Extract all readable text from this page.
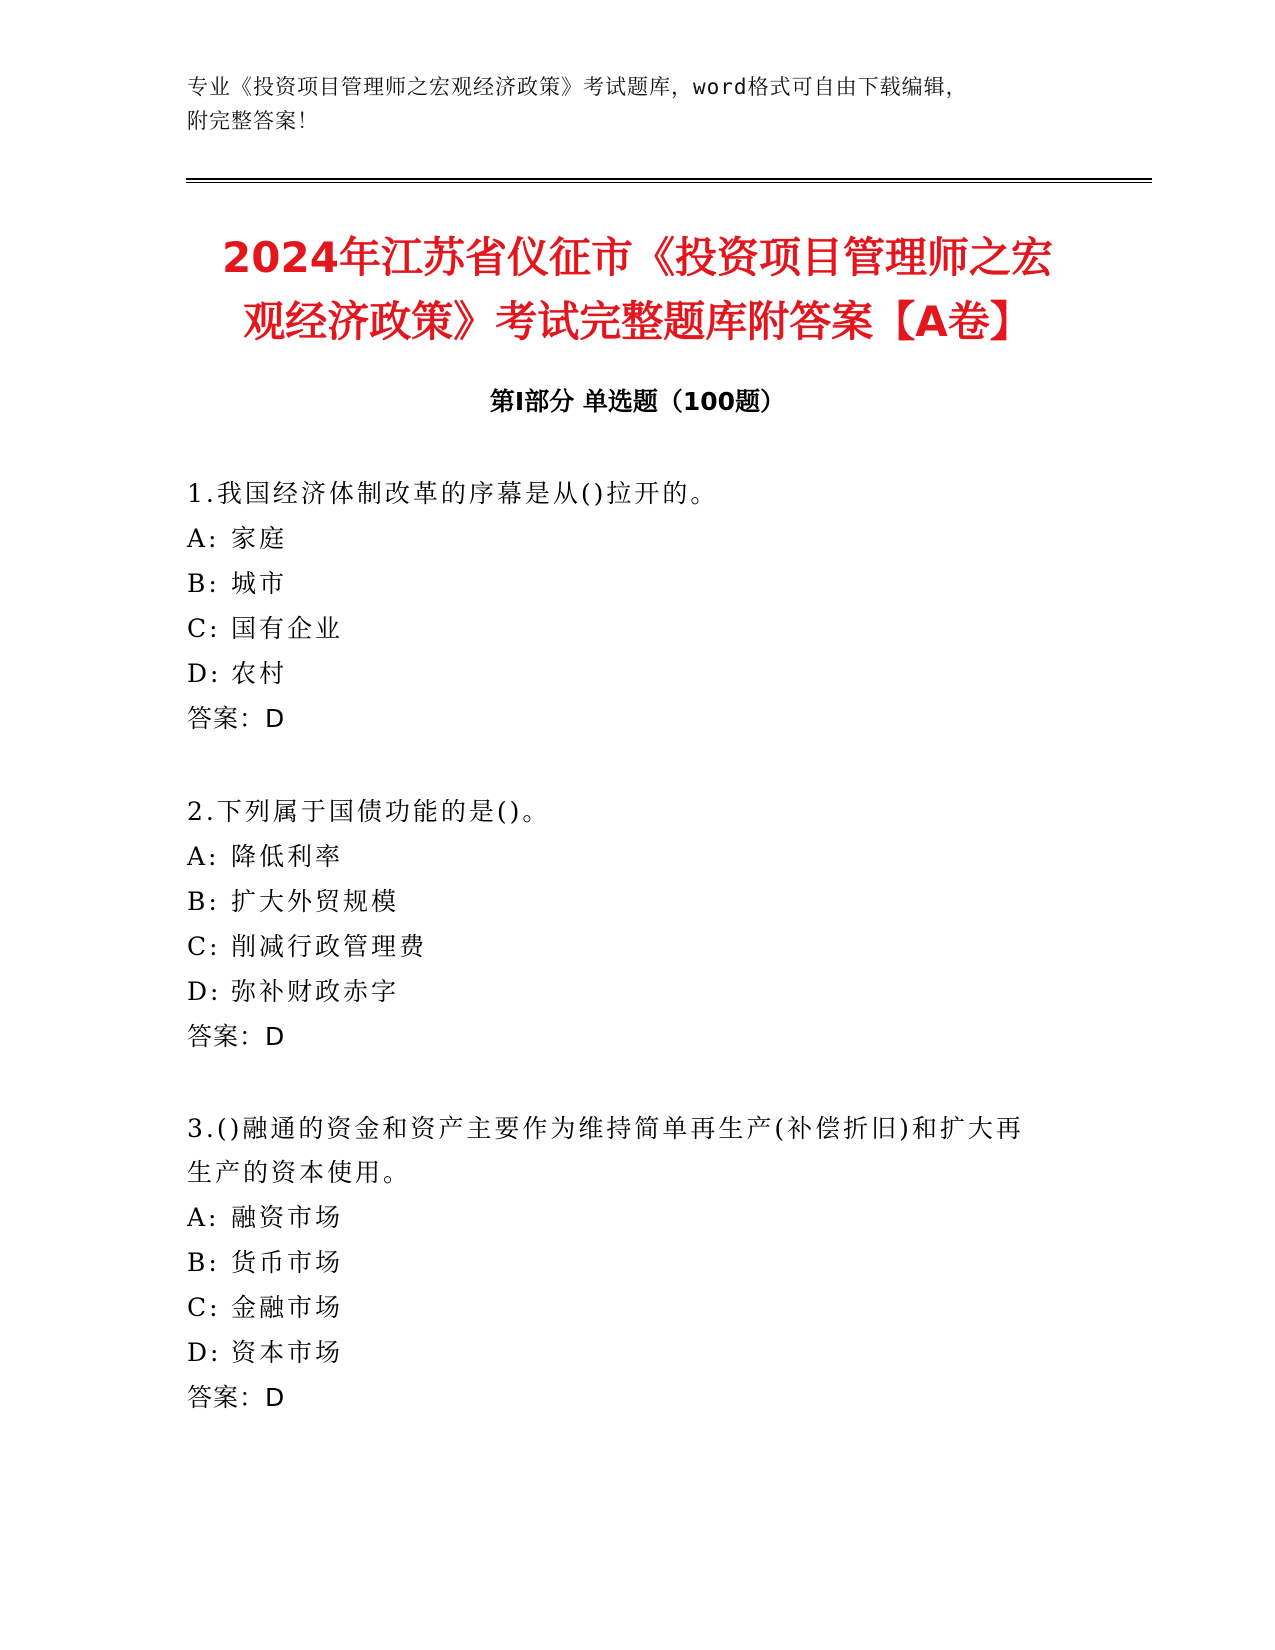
专业《投资项目管理师之宏观经济政策》考试题库，word格式可自由下载编辑，
附完整答案！
2024年江苏省仪征市《投资项目管理师之宏
观经济政策》考试完整题库附答案【A卷】
第Ⅰ部分 单选题（100题）

1.我国经济体制改革的序幕是从()拉开的。

A: 家庭

B: 城市

C: 国有企业

D: 农村

答案：D

2.下列属于国债功能的是()。

A: 降低利率

B: 扩大外贸规模

C: 削减行政管理费

D: 弥补财政赤字

答案：D

3.()融通的资金和资产主要作为维持简单再生产(补偿折旧)和扩大再

生产的资本使用。

A: 融资市场

B: 货币市场

C: 金融市场

D: 资本市场

答案：D
